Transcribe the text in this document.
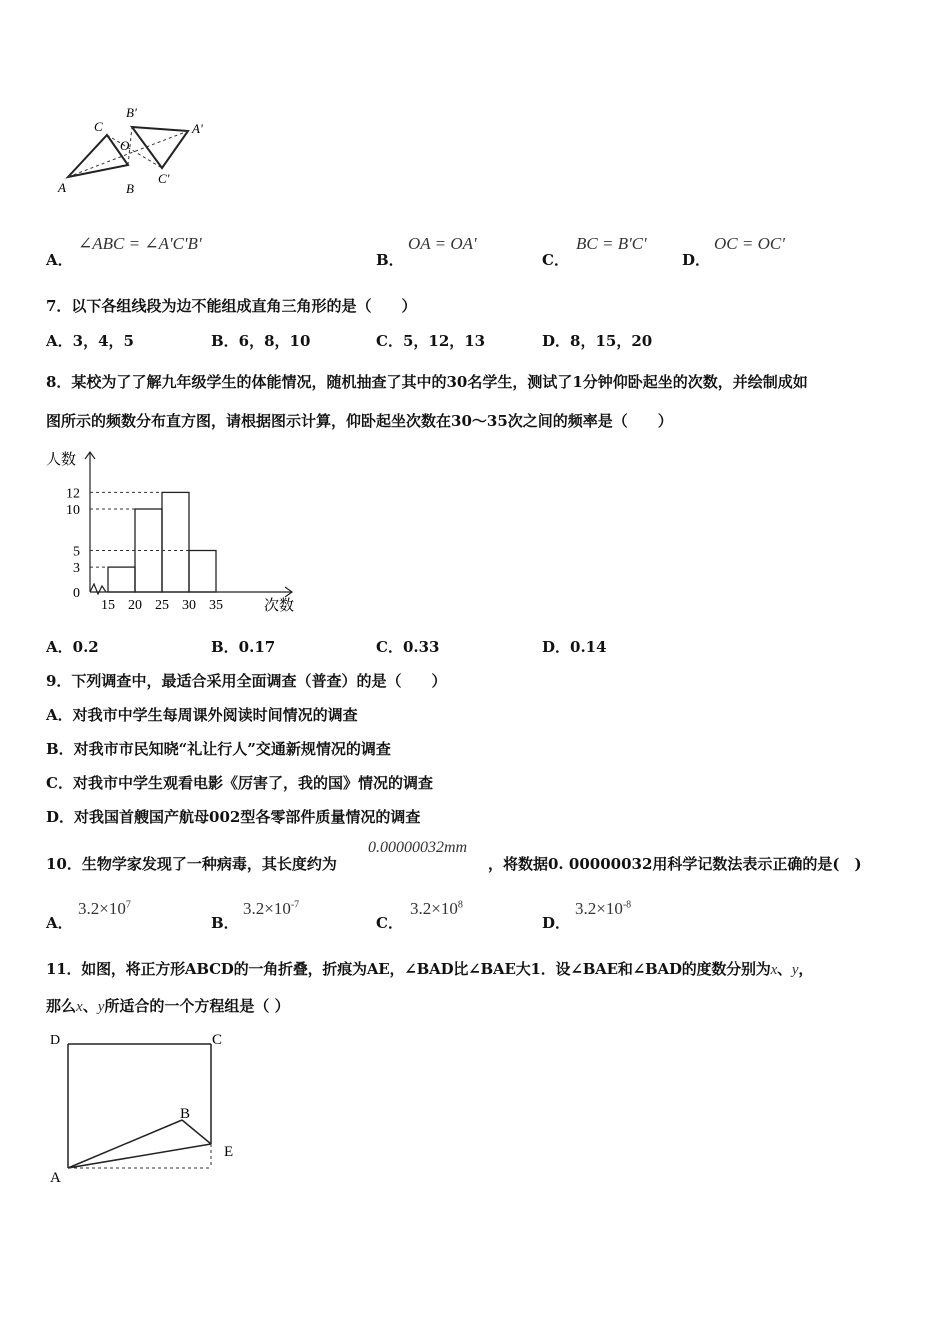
C
B'
A'
O
A	B
C'
A．
∠ABC = ∠A'C'B'
B．
OA = OA'
C．
BC = B'C'
D．
OC = OC'
7．以下各组线段为边不能组成直角三角形的是（　　）
A．3，4，5	B．6，8，10	C．5，12，13	D．8，15，20
8．某校为了了解九年级学生的体能情况，随机抽查了其中的30名学生，测试了1分钟仰卧起坐的次数，并绘制成如
图所示的频数分布直方图，请根据图示计算，仰卧起坐次数在30～35次之间的频率是（　　）
15 20 25 30 35
0
3
5
10
12
人数
次数
A．0.2	B．0.17	C．0.33	D．0.14
9．下列调查中，最适合采用全面调查（普查）的是（　　）
A．对我市中学生每周课外阅读时间情况的调查
B．对我市市民知晓“礼让行人”交通新规情况的调查
C．对我市中学生观看电影《厉害了，我的国》情况的调查
D．对我国首艘国产航母002型各零部件质量情况的调查
10．生物学家发现了一种病毒，其长度约为
0.00000032mm
，将数据0. 00000032用科学记数法表示正确的是(　)
A．
$3.2\times 10^7$
B．
$3.2\times 10^{-7}$
C．
$3.2\times 10^8$
D．
$3.2\times 10^{-8}$
11．如图，将正方形ABCD的一角折叠，折痕为AE，∠BAD比∠BAE大1．设∠BAE和∠BAD的度数分别为x、y，
那么x、y所适合的一个方程组是（ ）
D	C
B
E
A
